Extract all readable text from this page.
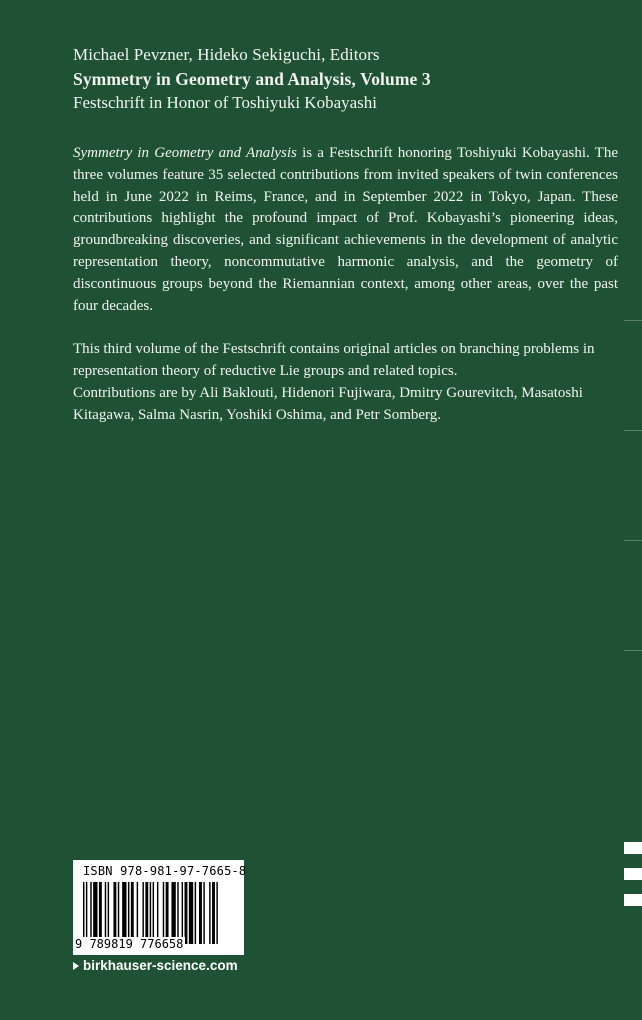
Michael Pevzner, Hideko Sekiguchi, Editors
Symmetry in Geometry and Analysis, Volume 3
Festschrift in Honor of Toshiyuki Kobayashi

Symmetry in Geometry and Analysis is a Festschrift honoring Toshiyuki Kobayashi. The three volumes feature 35 selected contributions from invited speakers of twin conferences held in June 2022 in Reims, France, and in September 2022 in Tokyo, Japan. These contributions highlight the profound impact of Prof. Kobayashi’s pioneering ideas, groundbreaking discoveries, and significant achievements in the development of analytic representation theory, noncommutative harmonic analysis, and the geometry of discontinuous groups beyond the Riemannian context, among other areas, over the past four decades.

This third volume of the Festschrift contains original articles on branching problems in representation theory of reductive Lie groups and related topics.

Contributions are by Ali Baklouti, Hidenori Fujiwara, Dmitry Gourevitch, Masatoshi Kitagawa, Salma Nasrin, Yoshiki Oshima, and Petr Somberg.

ISBN 978-981-97-7665-8
9 789819 776658
birkhauser-science.com
